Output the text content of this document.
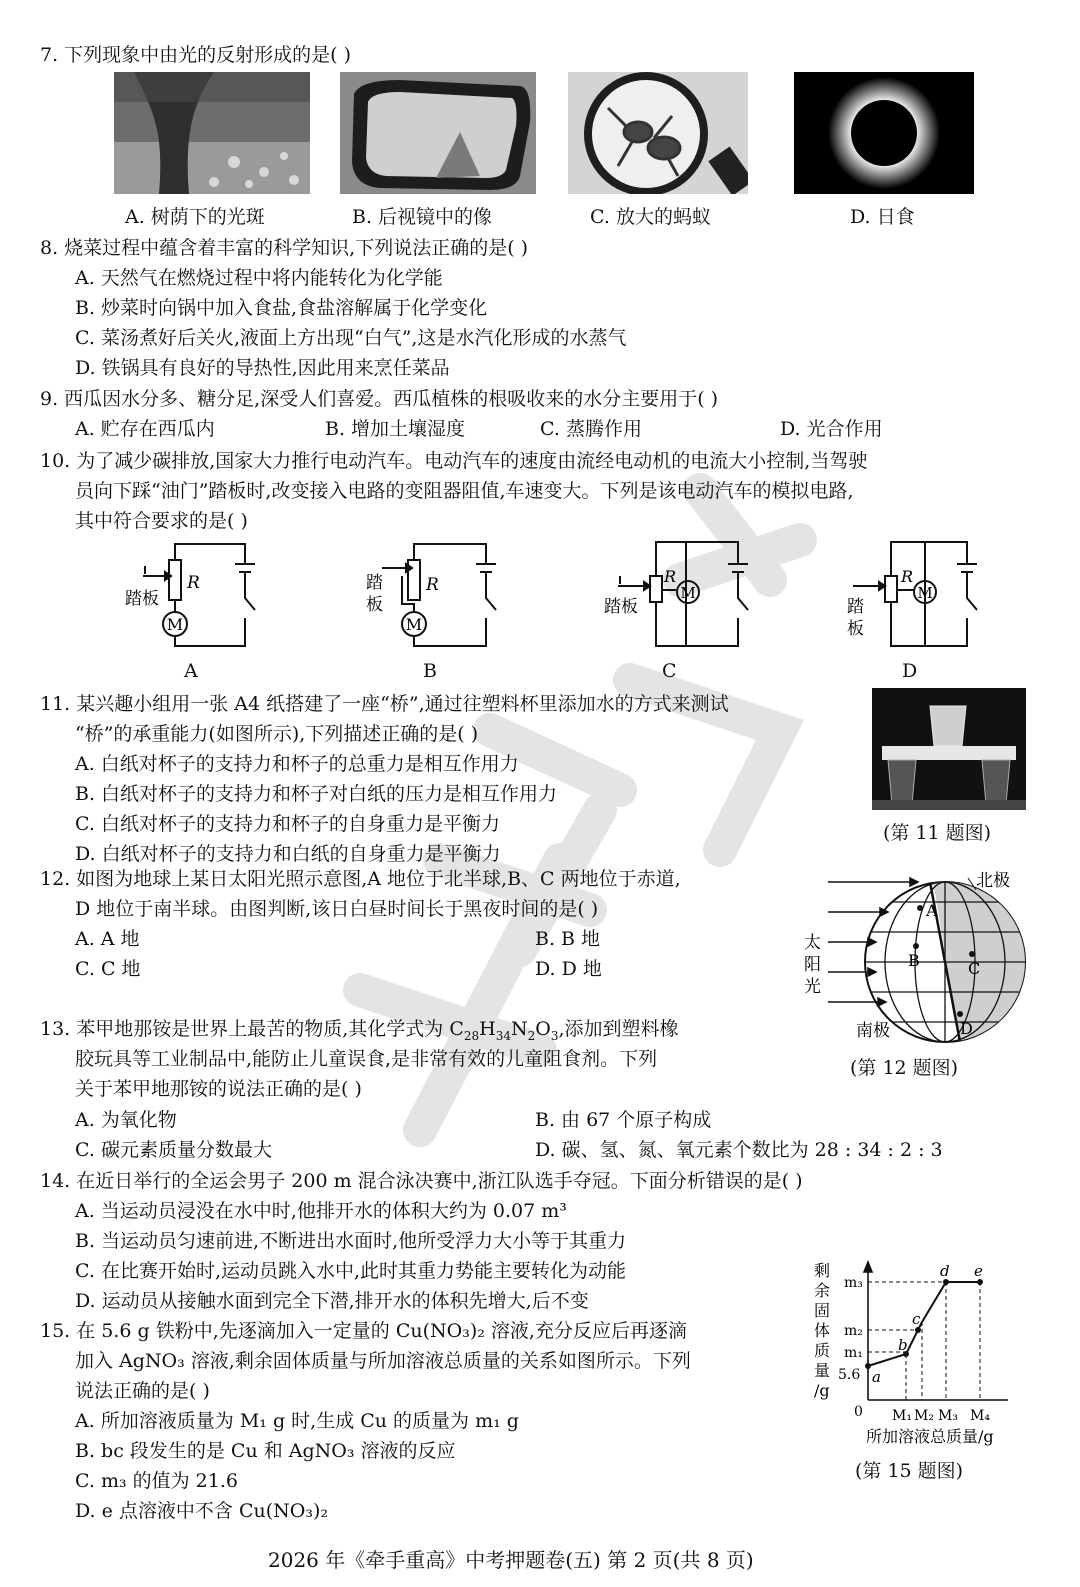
7. 下列现象中由光的反射形成的是( )
A. 树荫下的光斑	B. 后视镜中的像	C. 放大的蚂蚁	D. 日食
8. 烧菜过程中蕴含着丰富的科学知识,下列说法正确的是( )
A. 天然气在燃烧过程中将内能转化为化学能
B. 炒菜时向锅中加入食盐,食盐溶解属于化学变化
C. 菜汤煮好后关火,液面上方出现“白气”,这是水汽化形成的水蒸气
D. 铁锅具有良好的导热性,因此用来烹任菜品
9. 西瓜因水分多、糖分足,深受人们喜爱。西瓜植株的根吸收来的水分主要用于( )
A. 贮存在西瓜内	B. 增加土壤湿度	C. 蒸腾作用	D. 光合作用
10. 为了减少碳排放,国家大力推行电动汽车。电动汽车的速度由流经电动机的电流大小控制,当驾驶
员向下踩“油门”踏板时,改变接入电路的变阻器阻值,车速变大。下列是该电动汽车的模拟电路,
其中符合要求的是( )
M
R
踏板
A
M
R
踏
板
B
M
R
踏板
C
M
R
踏
板
D
11. 某兴趣小组用一张 A4 纸搭建了一座“桥”,通过往塑料杯里添加水的方式来测试
“桥”的承重能力(如图所示),下列描述正确的是( )
A. 白纸对杯子的支持力和杯子的总重力是相互作用力
B. 白纸对杯子的支持力和杯子对白纸的压力是相互作用力
C. 白纸对杯子的支持力和杯子的自身重力是平衡力
D. 白纸对杯子的支持力和白纸的自身重力是平衡力
(第 11 题图)
12. 如图为地球上某日太阳光照示意图,A 地位于北半球,B、C 两地位于赤道,
D 地位于南半球。由图判断,该日白昼时间长于黑夜时间的是( )
A. A 地	B. B 地
C. C 地	D. D 地
北极
南极
太
阳
光
A
B	C
D
(第 12 题图)
13. 苯甲地那铵是世界上最苦的物质,其化学式为 $C_{28}H_{34}N_2O_3$,添加到塑料橡
胶玩具等工业制品中,能防止儿童误食,是非常有效的儿童阻食剂。下列
关于苯甲地那铵的说法正确的是( )
A. 为氧化物	B. 由 67 个原子构成
C. 碳元素质量分数最大	D. 碳、氢、氮、氧元素个数比为 28 : 34 : 2 : 3
14. 在近日举行的全运会男子 200 m 混合泳决赛中,浙江队选手夺冠。下面分析错误的是( )
A. 当运动员浸没在水中时,他排开水的体积大约为 0.07 m³
B. 当运动员匀速前进,不断进出水面时,他所受浮力大小等于其重力
C. 在比赛开始时,运动员跳入水中,此时其重力势能主要转化为动能
D. 运动员从接触水面到完全下潜,排开水的体积先增大,后不变
15. 在 5.6 g 铁粉中,先逐滴加入一定量的 Cu(NO₃)₂ 溶液,充分反应后再逐滴
加入 AgNO₃ 溶液,剩余固体质量与所加溶液总质量的关系如图所示。下列
说法正确的是( )
A. 所加溶液质量为 M₁ g 时,生成 Cu 的质量为 m₁ g
B. bc 段发生的是 Cu 和 AgNO₃ 溶液的反应
C. m₃ 的值为 21.6
D. e 点溶液中不含 Cu(NO₃)₂
剩
余
固
体
质
量
/g
a
b
c
d e
m₃
m₂
m₁
5.6
0 M₁ M₂ M₃ M₄
所加溶液总质量/g
(第 15 题图)
2026 年《牵手重高》中考押题卷(五) 第 2 页(共 8 页)
